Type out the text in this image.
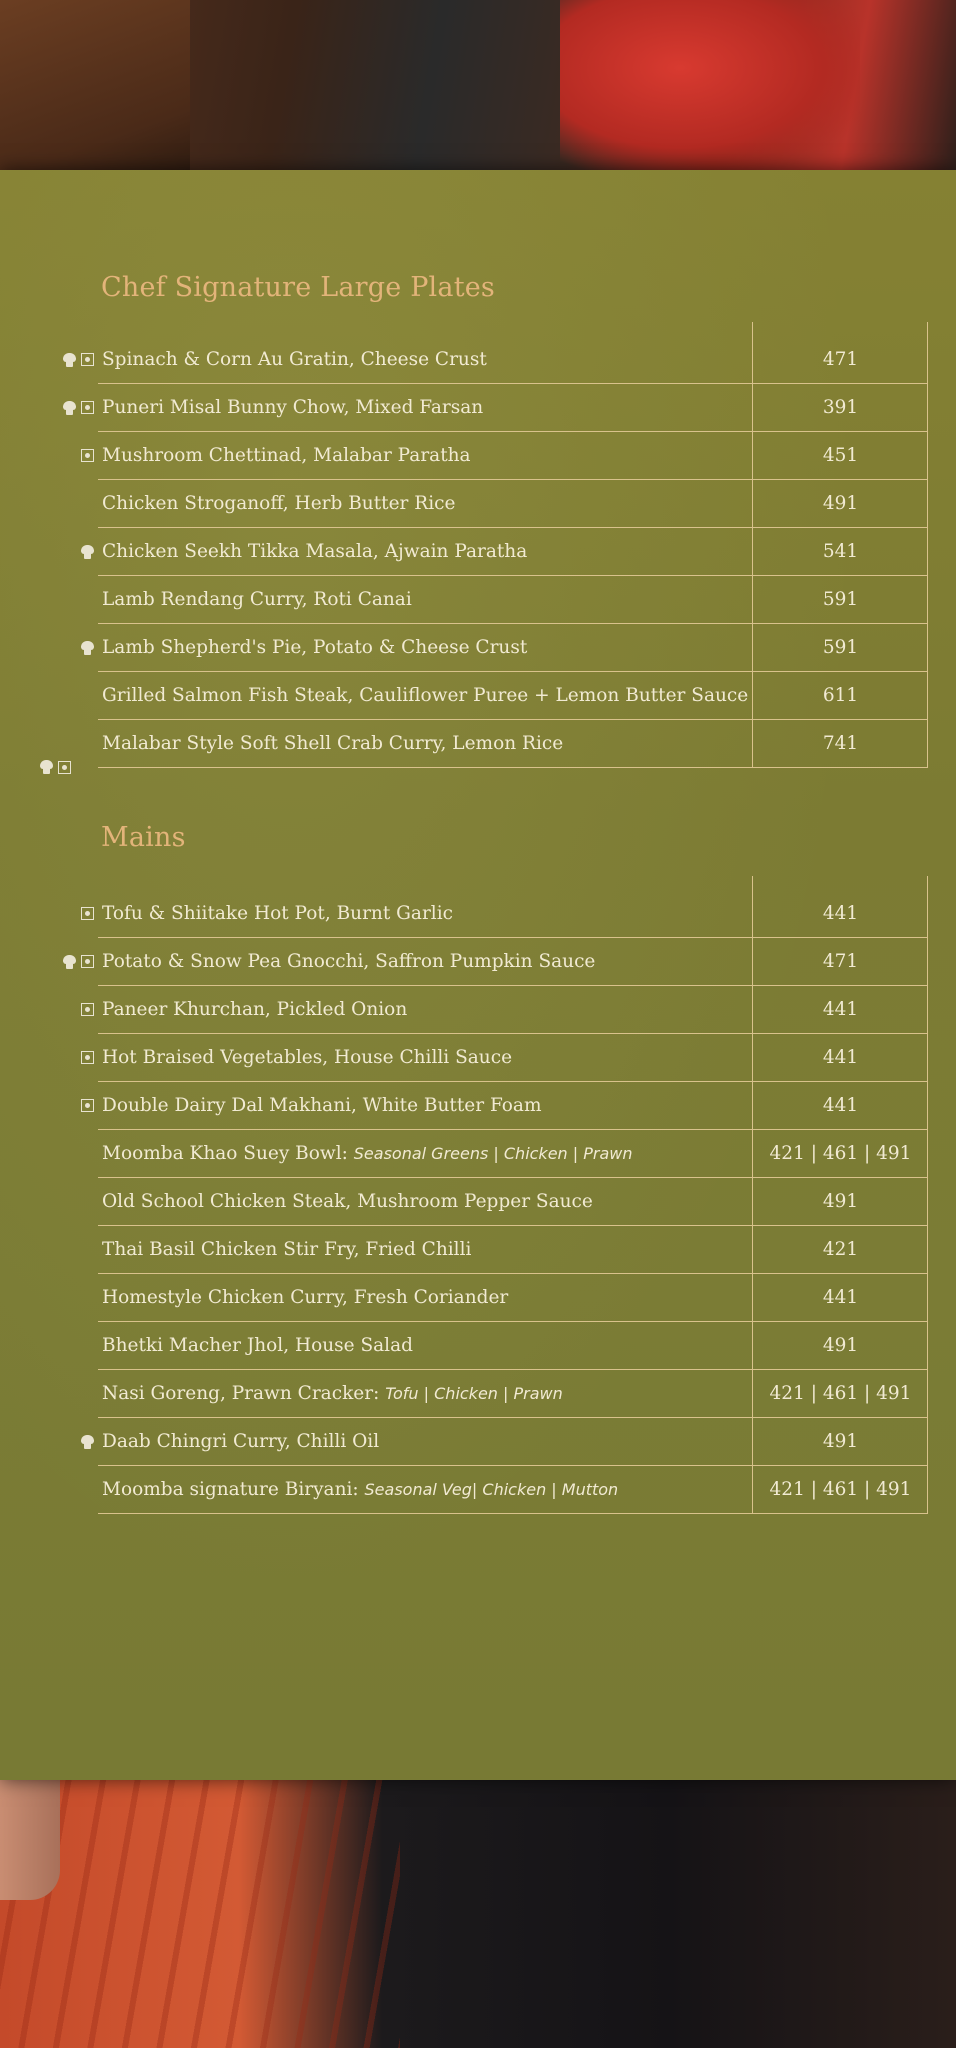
Chef Signature Large Plates
Spinach & Corn Au Gratin, Cheese Crust	471
Puneri Misal Bunny Chow, Mixed Farsan	391
Mushroom Chettinad, Malabar Paratha	451
Chicken Stroganoff, Herb Butter Rice	491
Chicken Seekh Tikka Masala, Ajwain Paratha	541
Lamb Rendang Curry, Roti Canai	591
Lamb Shepherd's Pie, Potato & Cheese Crust	591
Grilled Salmon Fish Steak, Cauliflower Puree + Lemon Butter Sauce	611
Malabar Style Soft Shell Crab Curry, Lemon Rice	741
Mains
Tofu & Shiitake Hot Pot, Burnt Garlic	441
Potato & Snow Pea Gnocchi, Saffron Pumpkin Sauce	471
Paneer Khurchan, Pickled Onion	441
Hot Braised Vegetables, House Chilli Sauce	441
Double Dairy Dal Makhani, White Butter Foam	441
Moomba Khao Suey Bowl: Seasonal Greens | Chicken | Prawn	421 | 461 | 491
Old School Chicken Steak, Mushroom Pepper Sauce	491
Thai Basil Chicken Stir Fry, Fried Chilli	421
Homestyle Chicken Curry, Fresh Coriander	441
Bhetki Macher Jhol, House Salad	491
Nasi Goreng, Prawn Cracker: Tofu | Chicken | Prawn	421 | 461 | 491
Daab Chingri Curry, Chilli Oil	491
Moomba signature Biryani: Seasonal Veg| Chicken | Mutton	421 | 461 | 491
